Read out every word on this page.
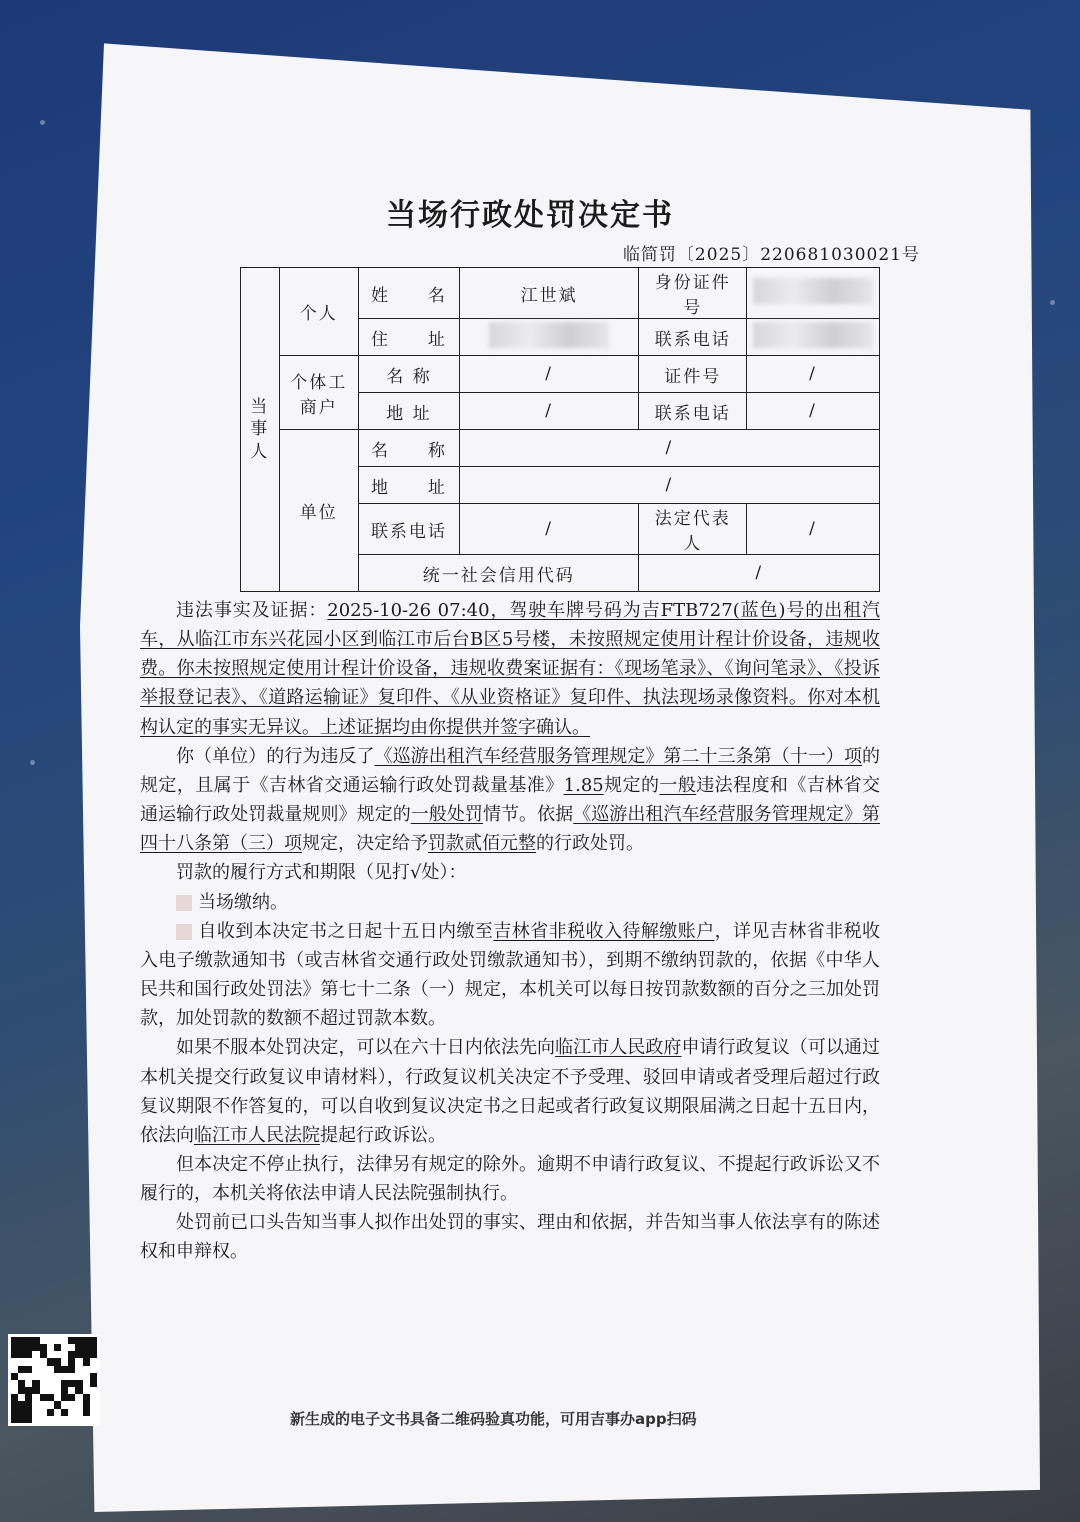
当场行政处罚决定书
临简罚〔2025〕220681030021号
当事人	个人	姓　　名	江世斌	身份证件号	
		住　　址		联系电话	
	个体工商户	名 称	/	证件号	/
		地 址	/	联系电话	/
	单位	名　　称	/		
		地　　址	/		
		联系电话	/	法定代表人	/
		统一社会信用代码		/	

违法事实及证据：2025-10-26 07:40，驾驶车牌号码为吉FTB727(蓝色)号的出租汽车，从临江市东兴花园小区到临江市后台B区5号楼，未按照规定使用计程计价设备，违规收费。你未按照规定使用计程计价设备，违规收费案证据有：《现场笔录》、《询问笔录》、《投诉举报登记表》、《道路运输证》复印件、《从业资格证》复印件、执法现场录像资料。你对本机构认定的事实无异议。上述证据均由你提供并签字确认。

你（单位）的行为违反了《巡游出租汽车经营服务管理规定》第二十三条第（十一）项的规定，且属于《吉林省交通运输行政处罚裁量基准》1.85规定的一般违法程度和《吉林省交通运输行政处罚裁量规则》规定的一般处罚情节。依据《巡游出租汽车经营服务管理规定》第四十八条第（三）项规定，决定给予罚款贰佰元整的行政处罚。

罚款的履行方式和期限（见打√处）：

当场缴纳。

自收到本决定书之日起十五日内缴至吉林省非税收入待解缴账户，详见吉林省非税收入电子缴款通知书（或吉林省交通行政处罚缴款通知书），到期不缴纳罚款的，依据《中华人民共和国行政处罚法》第七十二条（一）规定，本机关可以每日按罚款数额的百分之三加处罚款，加处罚款的数额不超过罚款本数。

如果不服本处罚决定，可以在六十日内依法先向临江市人民政府申请行政复议（可以通过本机关提交行政复议申请材料），行政复议机关决定不予受理、驳回申请或者受理后超过行政复议期限不作答复的，可以自收到复议决定书之日起或者行政复议期限届满之日起十五日内，依法向临江市人民法院提起行政诉讼。

但本决定不停止执行，法律另有规定的除外。逾期不申请行政复议、不提起行政诉讼又不履行的，本机关将依法申请人民法院强制执行。

处罚前已口头告知当事人拟作出处罚的事实、理由和依据，并告知当事人依法享有的陈述权和申辩权。

新生成的电子文书具备二维码验真功能，可用吉事办app扫码
